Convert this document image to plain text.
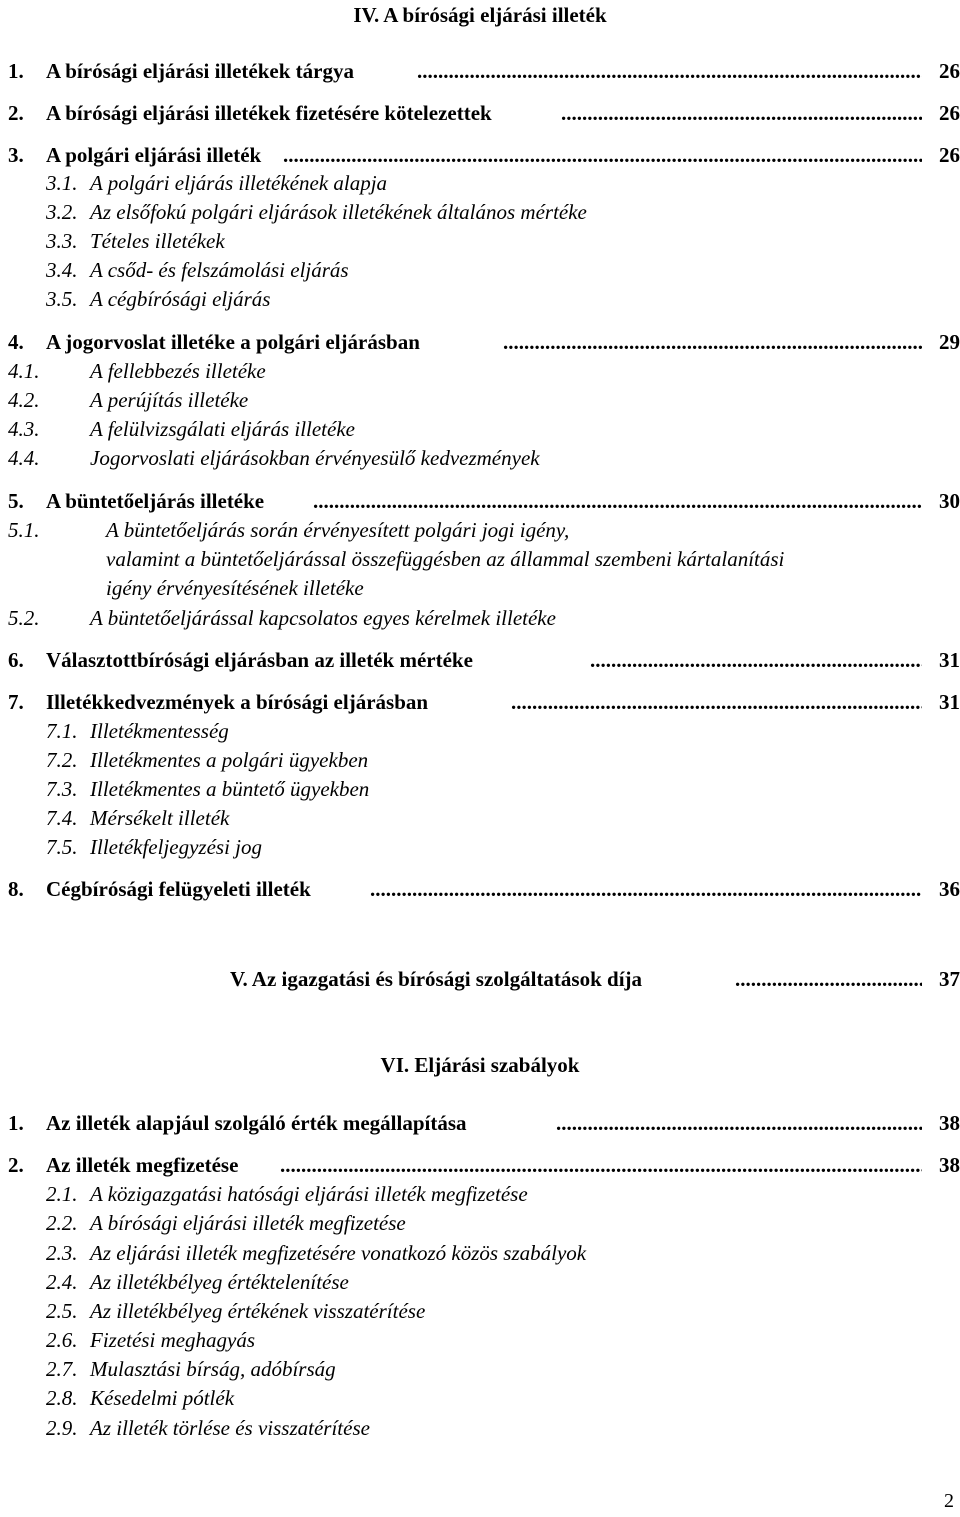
IV. A bírósági eljárási illeték
1. A bírósági eljárási illetékek tárgya .....	26
2. A bírósági eljárási illetékek fizetésére kötelezettek .....	26
3. A polgári eljárási illeték .....	26
3.1. A polgári eljárás illetékének alapja
3.2. Az elsőfokú polgári eljárások illetékének általános mértéke
3.3. Tételes illetékek
3.4. A csőd- és felszámolási eljárás
3.5. A cégbírósági eljárás
4. A jogorvoslat illetéke a polgári eljárásban .....	29
4.1. A fellebbezés illetéke
4.2. A perújítás illetéke
4.3. A felülvizsgálati eljárás illetéke
4.4. Jogorvoslati eljárásokban érvényesülő kedvezmények
5. A büntetőeljárás illetéke .....	30
5.1.	A büntetőeljárás során érvényesített polgári jogi igény,
valamint a büntetőeljárással összefüggésben az állammal szembeni kártalanítási
igény érvényesítésének illetéke
5.2. A büntetőeljárással kapcsolatos egyes kérelmek illetéke
6. Választottbírósági eljárásban az illeték mértéke .....	31
7. Illetékkedvezmények a bírósági eljárásban .....	31
7.1. Illetékmentesség
7.2. Illetékmentes a polgári ügyekben
7.3. Illetékmentes a büntető ügyekben
7.4. Mérsékelt illeték
7.5. Illetékfeljegyzési jog
8. Cégbírósági felügyeleti illeték .....	36
V. Az igazgatási és bírósági szolgáltatások díja .....	37
VI. Eljárási szabályok
1. Az illeték alapjául szolgáló érték megállapítása .....	38
2. Az illeték megfizetése .....	38
2.1. A közigazgatási hatósági eljárási illeték megfizetése
2.2. A bírósági eljárási illeték megfizetése
2.3. Az eljárási illeték megfizetésére vonatkozó közös szabályok
2.4. Az illetékbélyeg értéktelenítése
2.5. Az illetékbélyeg értékének visszatérítése
2.6. Fizetési meghagyás
2.7. Mulasztási bírság, adóbírság
2.8. Késedelmi pótlék
2.9. Az illeték törlése és visszatérítése
2
